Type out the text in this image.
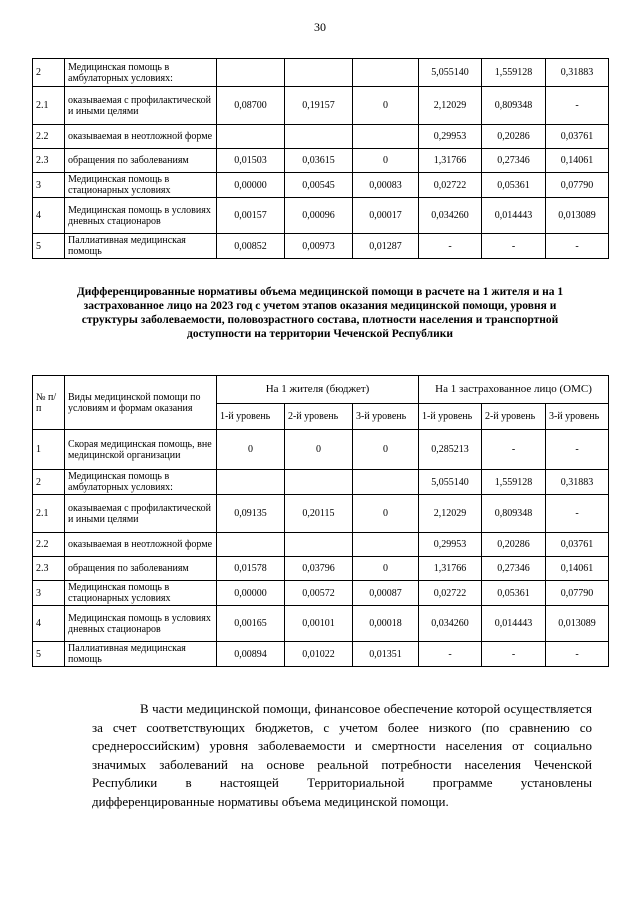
30
2	Медицинская помощь в амбулаторных условиях:				5,055140	1,559128	0,31883
2.1	оказываемая с профилактической и иными целями	0,08700	0,19157	0	2,12029	0,809348	-
2.2	оказываемая в неотложной форме				0,29953	0,20286	0,03761
2.3	обращения по заболеваниям	0,01503	0,03615	0	1,31766	0,27346	0,14061
3	Медицинская помощь в стационарных условиях	0,00000	0,00545	0,00083	0,02722	0,05361	0,07790
4	Медицинская помощь в условиях дневных стационаров	0,00157	0,00096	0,00017	0,034260	0,014443	0,013089
5	Паллиативная медицинская помощь	0,00852	0,00973	0,01287	-	-	-
Дифференцированные нормативы объема медицинской помощи в расчете на 1 жителя и на 1 застрахованное лицо на 2023 год с учетом этапов оказания медицинской помощи, уровня и структуры заболеваемости, половозрастного состава, плотности населения и транспортной доступности на территории Чеченской Республики
№ п/п	Виды медицинской помощи по условиям и формам оказания	На 1 жителя (бюджет)			На 1 застрахованное лицо (ОМС)		
		1-й уровень	2-й уровень	3-й уровень	1-й уровень	2-й уровень	3-й уровень
1	Скорая медицинская помощь, вне медицинской организации	0	0	0	0,285213	-	-
2	Медицинская помощь в амбулаторных условиях:				5,055140	1,559128	0,31883
2.1	оказываемая с профилактической и иными целями	0,09135	0,20115	0	2,12029	0,809348	-
2.2	оказываемая в неотложной форме				0,29953	0,20286	0,03761
2.3	обращения по заболеваниям	0,01578	0,03796	0	1,31766	0,27346	0,14061
3	Медицинская помощь в стационарных условиях	0,00000	0,00572	0,00087	0,02722	0,05361	0,07790
4	Медицинская помощь в условиях дневных стационаров	0,00165	0,00101	0,00018	0,034260	0,014443	0,013089
5	Паллиативная медицинская помощь	0,00894	0,01022	0,01351	-	-	-
В части медицинской помощи, финансовое обеспечение которой осуществляется за счет соответствующих бюджетов, с учетом более низкого (по сравнению со среднероссийским) уровня заболеваемости и смертности населения от социально значимых заболеваний на основе реальной потребности населения Чеченской Республики в настоящей Территориальной программе установлены дифференцированные нормативы объема медицинской помощи.
